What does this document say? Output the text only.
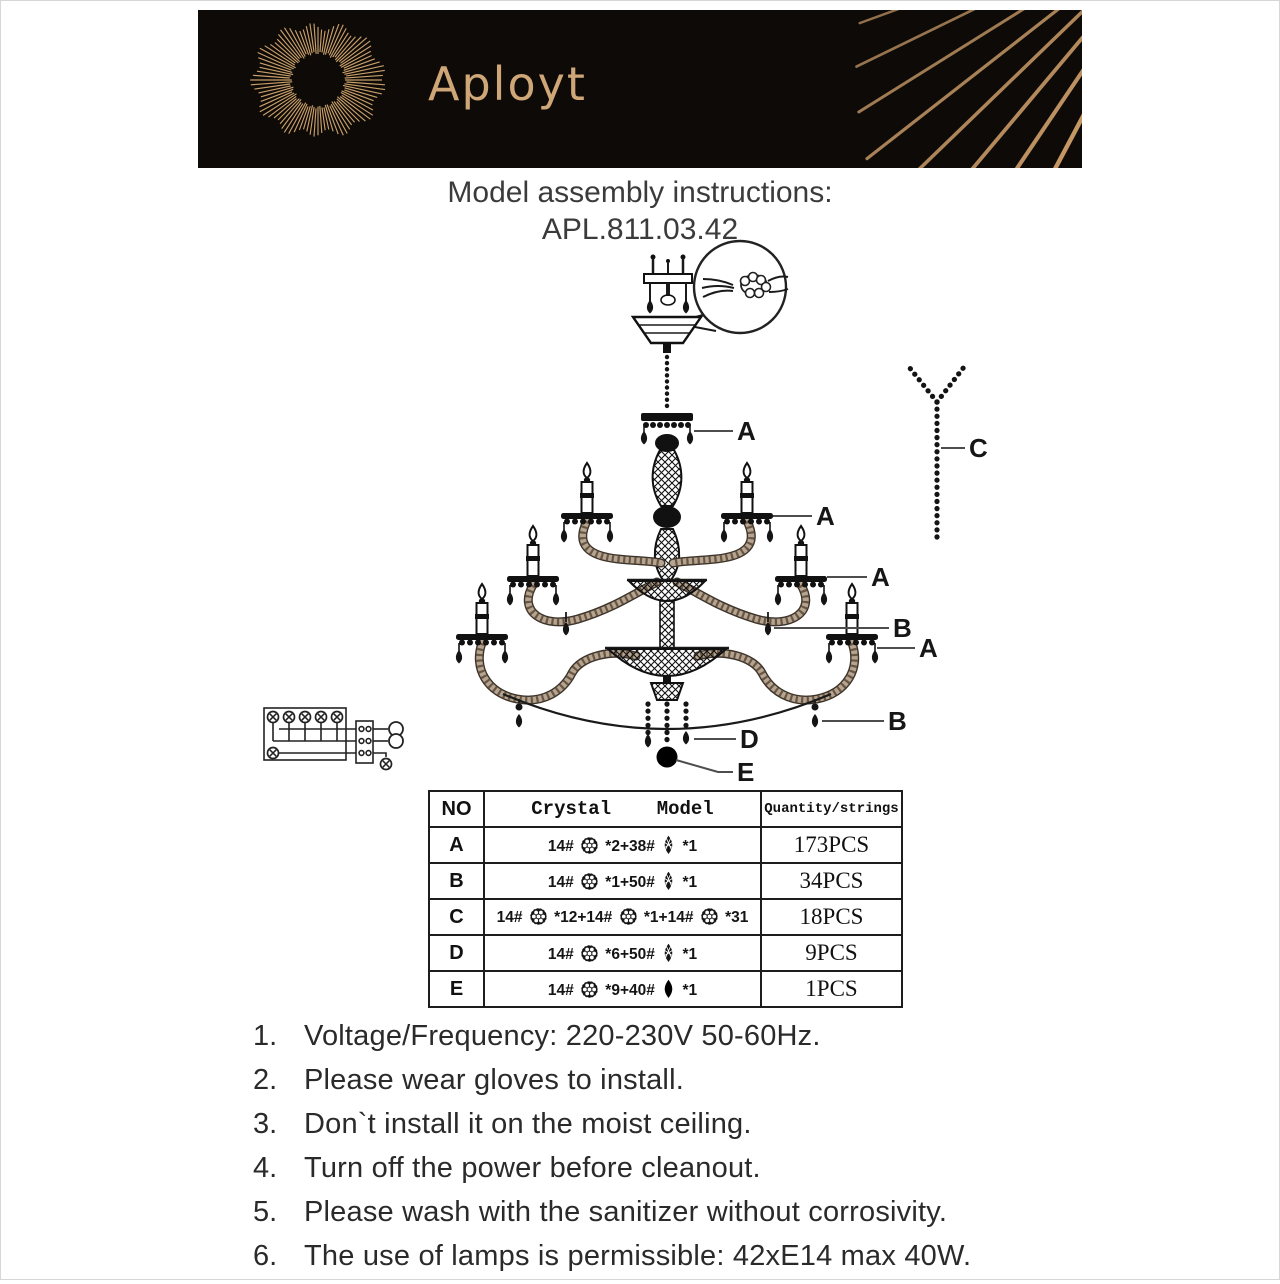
Aployt
Model assembly instructions:
APL.811.03.42
A
A
A
B
A
B
D
E
C
NO	Crystal    Model	Quantity/strings
A	14#  *2+38#  *1	173PCS
B	14#  *1+50#  *1	34PCS
C	14#  *12+14#  *1+14#  *31	18PCS
D	14#  *6+50#  *1	9PCS
E	14#  *9+40#  *1	1PCS
1. Voltage/Frequency: 220-230V 50-60Hz.
2. Please wear gloves to install.
3. Don`t install it on the moist ceiling.
4. Turn off the power before cleanout.
5. Please wash with the sanitizer without corrosivity.
6. The use of lamps is permissible: 42xE14 max 40W.
